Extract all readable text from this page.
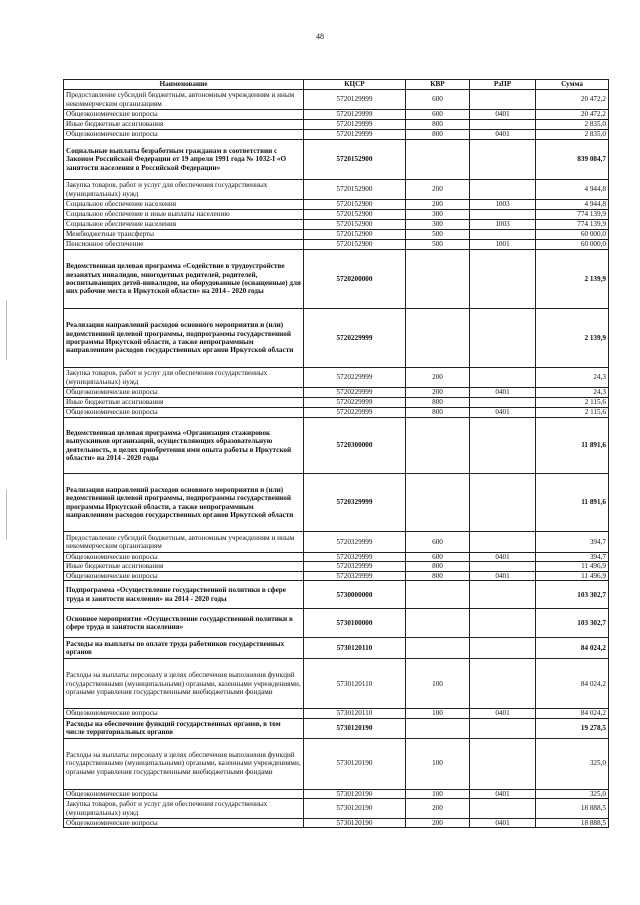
48
Наименование	КЦСР	КВР	РзПР	Сумма
Предоставление субсидий бюджетным, автономным учреждениям и иным некоммерческим организациям	5720129999	600		20 472,2
Общеэкономические вопросы	5720129999	600	0401	20 472,2
Иные бюджетные ассигнования	5720129999	800		2 835,0
Общеэкономические вопросы	5720129999	800	0401	2 835,0
Социальные выплаты безработным гражданам в соответствии с Законом Российской Федерации от 19 апреля 1991 года № 1032-I «О занятости населения в Российской Федерации»	5720152900			839 084,7
Закупка товаров, работ и услуг для обеспечения государственных (муниципальных) нужд	5720152900	200		4 944,8
Социальное обеспечение населения	5720152900	200	1003	4 944,8
Социальное обеспечение и иные выплаты населению	5720152900	300		774 139,9
Социальное обеспечение населения	5720152900	300	1003	774 139,9
Межбюджетные трансферты	5720152900	500		60 000,0
Пенсионное обеспечение	5720152900	500	1001	60 000,0
Ведомственная целевая программа «Содействие в трудоустройстве незанятых инвалидов, многодетных родителей, родителей, воспитывающих детей-инвалидов, на оборудованные (оснащенные) для них рабочие места в Иркутской области» на 2014 - 2020 годы	5720200000			2 139,9
Реализация направлений расходов основного мероприятия и (или) ведомственной целевой программы, подпрограммы государственной программы Иркутской области, а также непрограммным направлениям расходов государственных органов Иркутской области	5720229999			2 139,9
Закупка товаров, работ и услуг для обеспечения государственных (муниципальных) нужд	5720229999	200		24,3
Общеэкономические вопросы	5720229999	200	0401	24,3
Иные бюджетные ассигнования	5720229999	800		2 115,6
Общеэкономические вопросы	5720229999	800	0401	2 115,6
Ведомственная целевая программа «Организация стажировок выпускников организаций, осуществляющих образовательную деятельность, в целях приобретения ими опыта работы в Иркутской области» на 2014 - 2020 годы	5720300000			11 891,6
Реализация направлений расходов основного мероприятия и (или) ведомственной целевой программы, подпрограммы государственной программы Иркутской области, а также непрограммным направлениям расходов государственных органов Иркутской области	5720329999			11 891,6
Предоставление субсидий бюджетным, автономным учреждениям и иным некоммерческим организациям	5720329999	600		394,7
Общеэкономические вопросы	5720329999	600	0401	394,7
Иные бюджетные ассигнования	5720329999	800		11 496,9
Общеэкономические вопросы	5720329999	800	0401	11 496,9
Подпрограмма «Осуществление государственной политики в сфере труда и занятости населения» на 2014 - 2020 годы	5730000000			103 302,7
Основное мероприятие «Осуществление государственной политики в сфере труда и занятости населения»	5730100000			103 302,7
Расходы на выплаты по оплате труда работников государственных органов	5730120110			84 024,2
Расходы на выплаты персоналу в целях обеспечения выполнения функций государственными (муниципальными) органами, казенными учреждениями, органами управления государственными внебюджетными фондами	5730120110	100		84 024,2
Общеэкономические вопросы	5730120110	100	0401	84 024,2
Расходы на обеспечение функций государственных органов, в том числе территориальных органов	5730120190			19 278,5
Расходы на выплаты персоналу в целях обеспечения выполнения функций государственными (муниципальными) органами, казенными учреждениями, органами управления государственными внебюджетными фондами	5730120190	100		325,0
Общеэкономические вопросы	5730120190	100	0401	325,0
Закупка товаров, работ и услуг для обеспечения государственных (муниципальных) нужд	5730120190	200		18 888,5
Общеэкономические вопросы	5730120190	200	0401	18 888,5
